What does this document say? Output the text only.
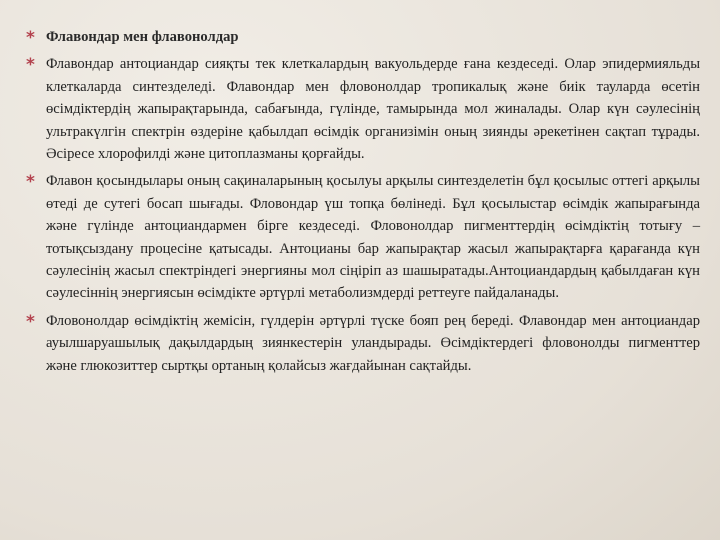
* Флавондар мен флавонолдар
* Флавондар антоциандар сияқты тек клеткалардың вакуольдерде ғана кездеседі. Олар эпидермияльды клеткаларда синтезделеді. Флавондар мен фловонолдар тропикалық және биік тауларда өсетін өсімдіктердің жапырақтарында, сабағында, гүлінде, тамырында мол жиналады. Олар күн сәулесінің ультракүлгін спектрін өздеріне қабылдап өсімдік организімін оның зиянды әрекетінен сақтап тұрады. Әсіресе хлорофилді және цитоплазманы қорғайды.
* Флавон қосындылары оның сақиналарының қосылуы арқылы синтезделетін бұл қосылыс оттегі арқылы өтеді де сутегі босап шығады. Фловондар үш топқа бөлінеді. Бұл қосылыстар өсімдік жапырағында және гүлінде антоциандармен бірге кездеседі. Фловонолдар пигменттердің өсімдіктің тотығу – тотықсыздану процесіне қатысады. Антоцианы бар жапырақтар жасыл жапырақтарға қарағанда күн сәулесінің жасыл спектріндегі энергияны мол сіңіріп аз шашыратады.Антоциандардың қабылдаған күн сәулесіннің энергиясын өсімдікте әртүрлі метаболизмдерді реттеуге пайдаланады.
* Фловонолдар өсімдіктің жемісін, гүлдерін әртүрлі түске бояп рең береді. Флавондар мен антоциандар ауылшаруашылық дақылдардың зиянкестерін уландырады. Өсімдіктердегі фловонолды пигменттер және глюкозиттер сыртқы ортаның қолайсыз жағдайынан сақтайды.
